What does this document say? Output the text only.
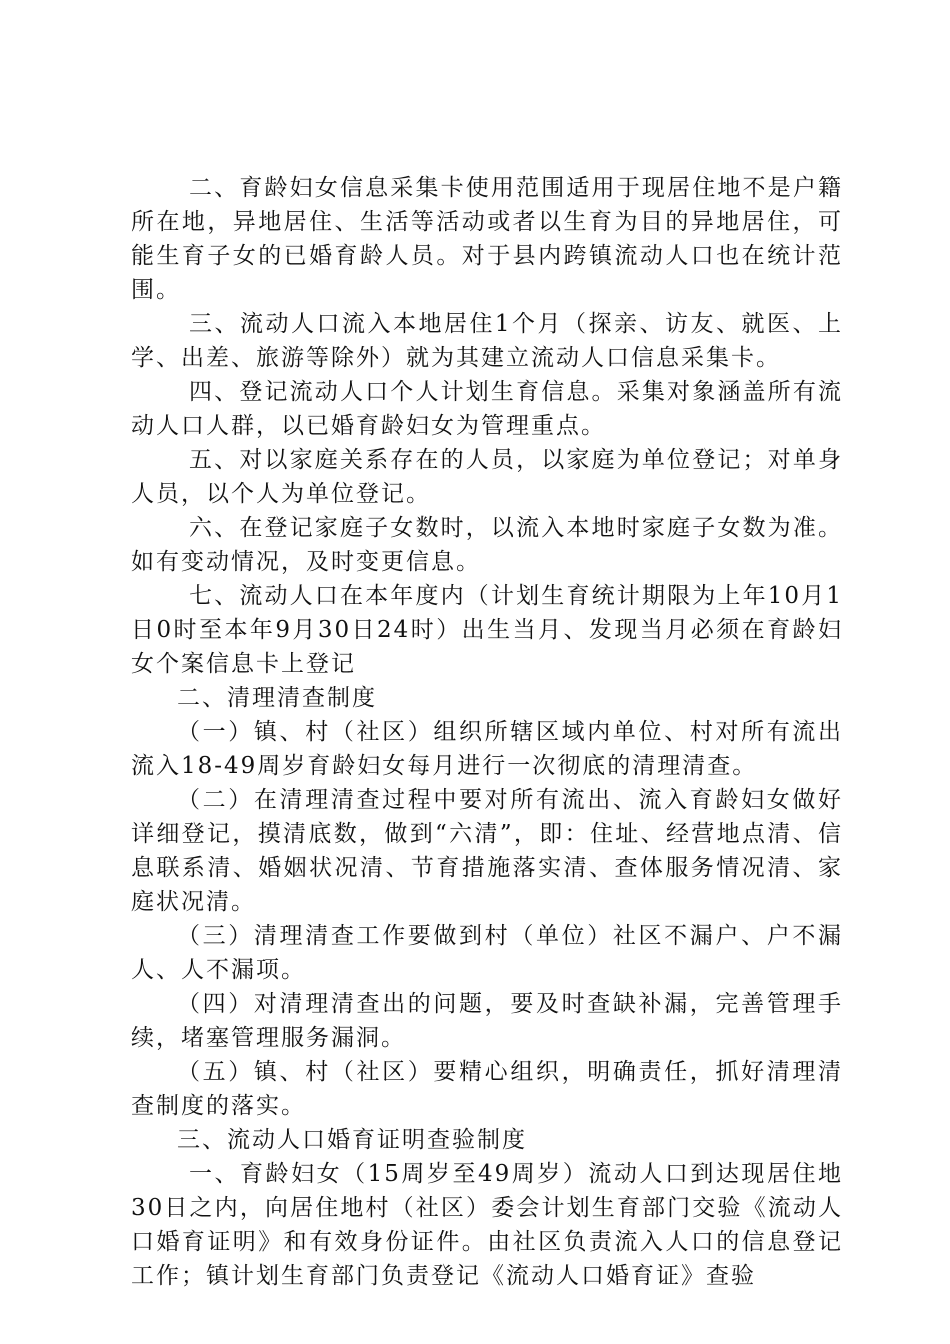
二、育龄妇女信息采集卡使用范围适用于现居住地不是户籍所在地，异地居住、生活等活动或者以生育为目的异地居住，可能生育子女的已婚育龄人员。对于县内跨镇流动人口也在统计范围。

三、流动人口流入本地居住1个月（探亲、访友、就医、上学、出差、旅游等除外）就为其建立流动人口信息采集卡。

四、登记流动人口个人计划生育信息。采集对象涵盖所有流动人口人群，以已婚育龄妇女为管理重点。

五、对以家庭关系存在的人员，以家庭为单位登记；对单身人员，以个人为单位登记。

六、在登记家庭子女数时，以流入本地时家庭子女数为准。如有变动情况，及时变更信息。

七、流动人口在本年度内（计划生育统计期限为上年10月1日0时至本年9月30日24时）出生当月、发现当月必须在育龄妇女个案信息卡上登记

二、清理清查制度

（一）镇、村（社区）组织所辖区域内单位、村对所有流出流入18-49周岁育龄妇女每月进行一次彻底的清理清查。

（二）在清理清查过程中要对所有流出、流入育龄妇女做好详细登记，摸清底数，做到“六清”，即：住址、经营地点清、信息联系清、婚姻状况清、节育措施落实清、查体服务情况清、家庭状况清。

（三）清理清查工作要做到村（单位）社区不漏户、户不漏人、人不漏项。

（四）对清理清查出的问题，要及时查缺补漏，完善管理手续，堵塞管理服务漏洞。

（五）镇、村（社区）要精心组织，明确责任，抓好清理清查制度的落实。

三、流动人口婚育证明查验制度

一、育龄妇女（15周岁至49周岁）流动人口到达现居住地30日之内，向居住地村（社区）委会计划生育部门交验《流动人口婚育证明》和有效身份证件。由社区负责流入人口的信息登记工作；镇计划生育部门负责登记《流动人口婚育证》查验
